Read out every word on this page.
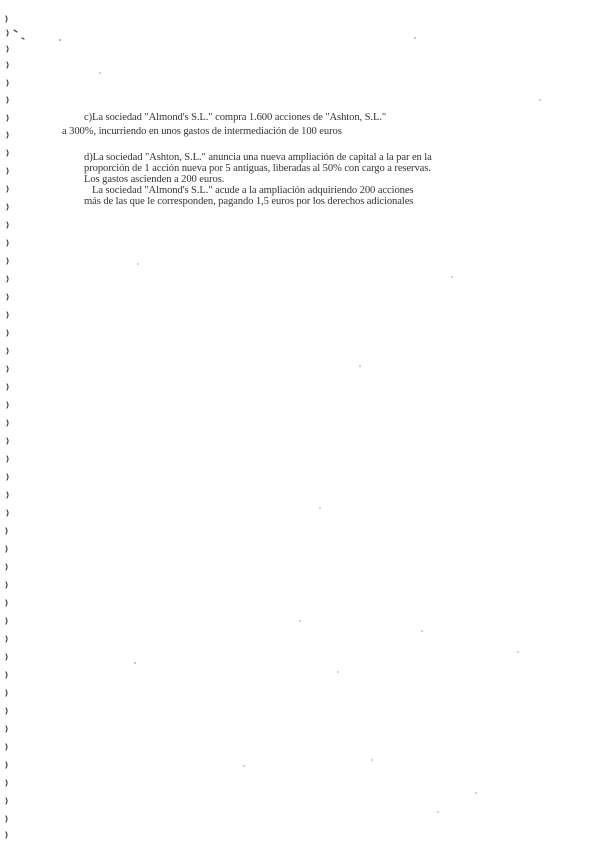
c)La sociedad "Almond's S.L." compra 1.600 acciones de "Ashton, S.L."
a 300%, incurriendo en unos gastos de intermediación de 100 euros
d)La sociedad "Ashton, S.L." anuncia una nueva ampliación de capital a la par en la
proporción de 1 acción nueva por 5 antiguas, liberadas al 50% con cargo a reservas.
Los gastos ascienden a 200 euros.
La sociedad "Almond's S.L." acude a la ampliación adquiriendo 200 acciones
más de las que le corresponden, pagando 1,5 euros por los derechos adicionales
